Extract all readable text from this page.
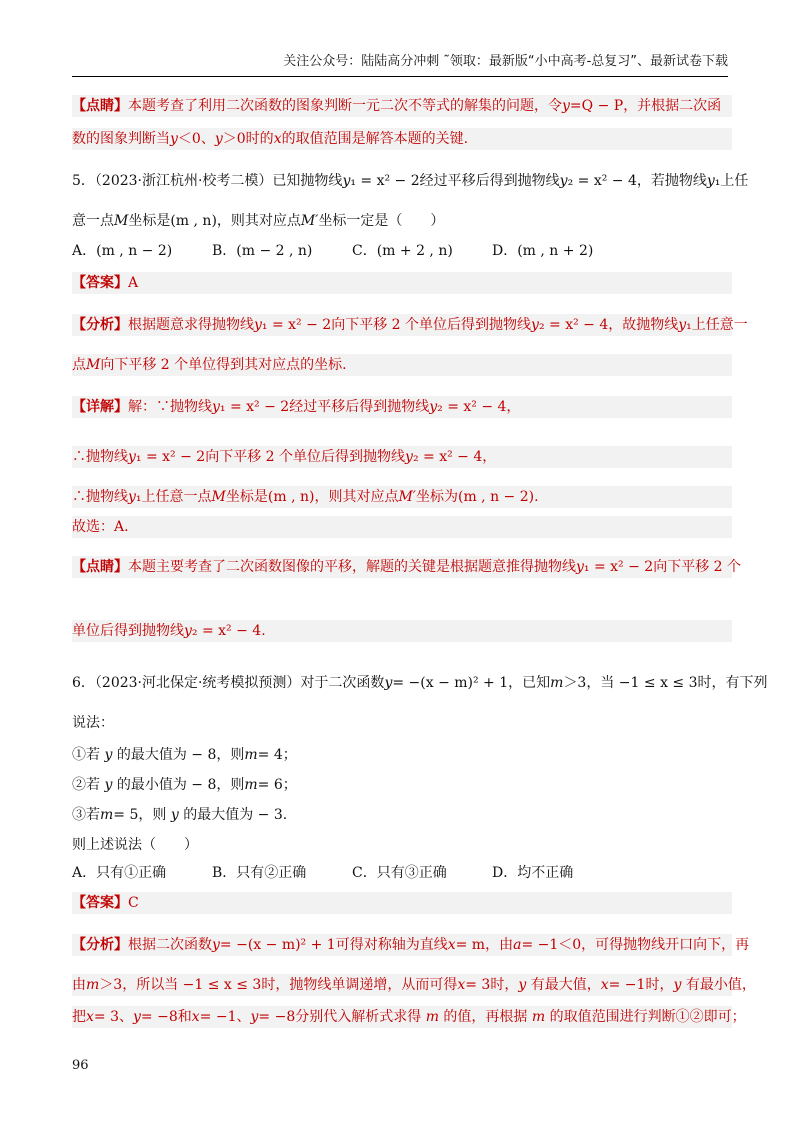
关注公众号：陆陆高分冲刺 ˜领取：最新版“小中高考-总复习”、最新试卷下载
【点睛】本题考查了利用二次函数的图象判断一元二次不等式的解集的问题，令y=Q − P，并根据二次函
数的图象判断当y＜0、y＞0时的x的取值范围是解答本题的关键.
5．（2023·浙江杭州·校考二模）已知抛物线y₁ = x² − 2经过平移后得到抛物线y₂ = x² − 4，若抛物线y₁上任
意一点M坐标是(m , n)，则其对应点M′坐标一定是（　　）
A．(m , n − 2)	B．(m − 2 , n)	C．(m + 2 , n)	D．(m , n + 2)
【答案】A
【分析】根据题意求得抛物线y₁ = x² − 2向下平移 2 个单位后得到抛物线y₂ = x² − 4，故抛物线y₁上任意一
点M向下平移 2 个单位得到其对应点的坐标.
【详解】解：∵抛物线y₁ = x² − 2经过平移后得到抛物线y₂ = x² − 4，
∴抛物线y₁ = x² − 2向下平移 2 个单位后得到抛物线y₂ = x² − 4，
∴抛物线y₁上任意一点M坐标是(m , n)，则其对应点M′坐标为(m , n − 2).
故选：A.
【点睛】本题主要考查了二次函数图像的平移，解题的关键是根据题意推得抛物线y₁ = x² − 2向下平移 2 个
单位后得到抛物线y₂ = x² − 4.
6．（2023·河北保定·统考模拟预测）对于二次函数y= −(x − m)² + 1，已知m＞3，当 −1 ≤ x ≤ 3时，有下列
说法：
①若 y 的最大值为 − 8，则m= 4；
②若 y 的最小值为 − 8，则m= 6；
③若m= 5，则 y 的最大值为 − 3.
则上述说法（　　）
A．只有①正确	B．只有②正确	C．只有③正确	D．均不正确
【答案】C
【分析】根据二次函数y= −(x − m)² + 1可得对称轴为直线x= m，由a= −1＜0，可得抛物线开口向下，再
由m＞3，所以当 −1 ≤ x ≤ 3时，抛物线单调递增，从而可得x= 3时，y 有最大值，x= −1时，y 有最小值，
把x= 3、y= −8和x= −1、y= −8分别代入解析式求得 m 的值，再根据 m 的取值范围进行判断①②即可；
96
